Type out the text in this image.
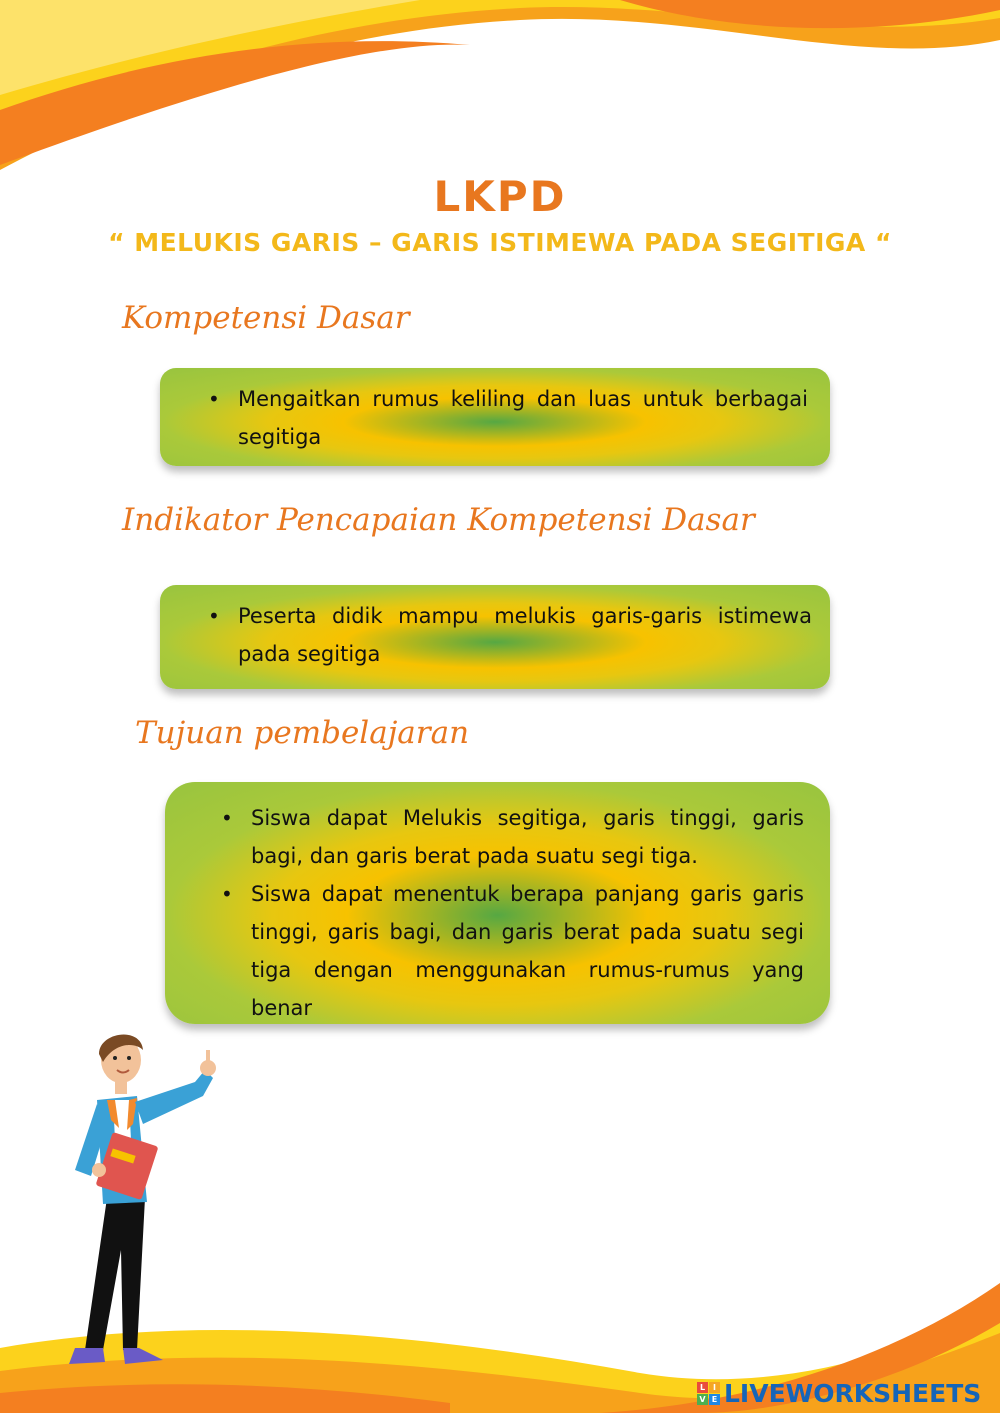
LKPD
“ MELUKIS GARIS – GARIS ISTIMEWA PADA SEGITIGA “
Kompetensi Dasar
• Mengaitkan rumus keliling dan luas untuk berbagai segitiga
Indikator Pencapaian Kompetensi Dasar
• Peserta didik mampu melukis garis-garis istimewa pada segitiga
Tujuan pembelajaran
• Siswa dapat Melukis segitiga, garis tinggi, garis bagi, dan garis berat pada suatu segi tiga.
• Siswa dapat menentuk berapa panjang garis garis tinggi, garis bagi, dan garis berat pada suatu segi tiga dengan menggunakan rumus-rumus yang benar
L I
V E LIVEWORKSHEETS
